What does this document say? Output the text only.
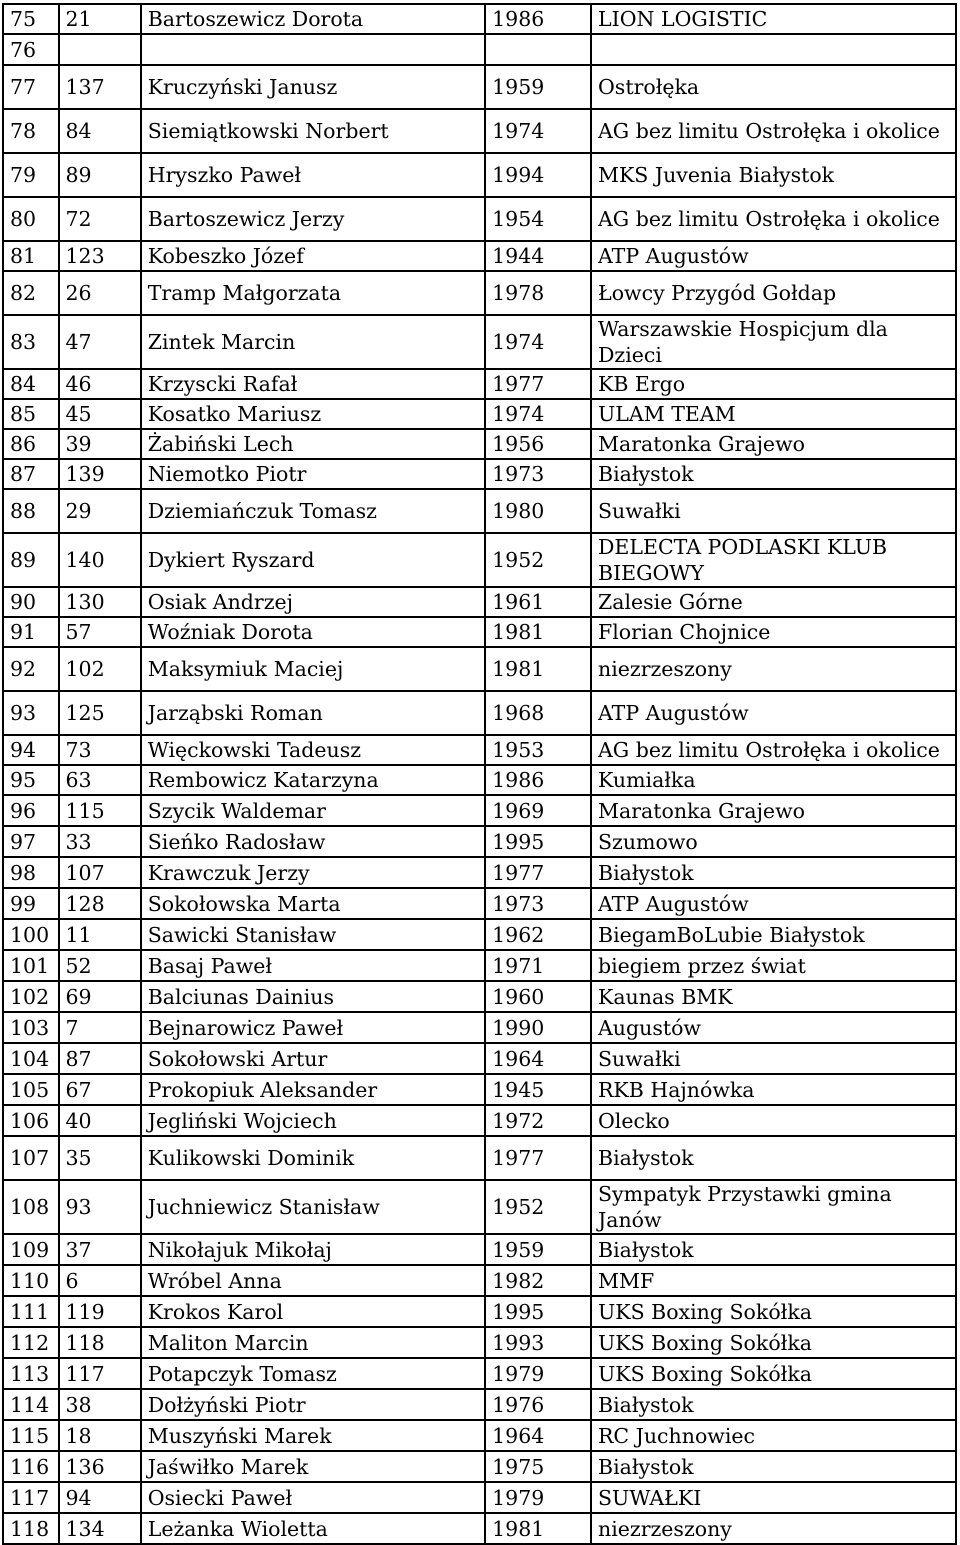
75	21	Bartoszewicz Dorota	1986	LION LOGISTIC
76				
77	137	Kruczyński Janusz	1959	Ostrołęka
78	84	Siemiątkowski Norbert	1974	AG bez limitu Ostrołęka i okolice
79	89	Hryszko Paweł	1994	MKS Juvenia Białystok
80	72	Bartoszewicz Jerzy	1954	AG bez limitu Ostrołęka i okolice
81	123	Kobeszko Józef	1944	ATP Augustów
82	26	Tramp Małgorzata	1978	Łowcy Przygód Gołdap
83	47	Zintek Marcin	1974	Warszawskie Hospicjum dla Dzieci
84	46	Krzyscki Rafał	1977	KB Ergo
85	45	Kosatko Mariusz	1974	ULAM TEAM
86	39	Żabiński Lech	1956	Maratonka Grajewo
87	139	Niemotko Piotr	1973	Białystok
88	29	Dziemiańczuk Tomasz	1980	Suwałki
89	140	Dykiert Ryszard	1952	DELECTA PODLASKI KLUB BIEGOWY
90	130	Osiak Andrzej	1961	Zalesie Górne
91	57	Woźniak Dorota	1981	Florian Chojnice
92	102	Maksymiuk Maciej	1981	niezrzeszony
93	125	Jarząbski Roman	1968	ATP Augustów
94	73	Więckowski Tadeusz	1953	AG bez limitu Ostrołęka i okolice
95	63	Rembowicz Katarzyna	1986	Kumiałka
96	115	Szycik Waldemar	1969	Maratonka Grajewo
97	33	Sieńko Radosław	1995	Szumowo
98	107	Krawczuk Jerzy	1977	Białystok
99	128	Sokołowska Marta	1973	ATP Augustów
100	11	Sawicki Stanisław	1962	BiegamBoLubie Białystok
101	52	Basaj Paweł	1971	biegiem przez świat
102	69	Balciunas Dainius	1960	Kaunas BMK
103	7	Bejnarowicz Paweł	1990	Augustów
104	87	Sokołowski Artur	1964	Suwałki
105	67	Prokopiuk Aleksander	1945	RKB Hajnówka
106	40	Jegliński Wojciech	1972	Olecko
107	35	Kulikowski Dominik	1977	Białystok
108	93	Juchniewicz Stanisław	1952	Sympatyk Przystawki gmina Janów
109	37	Nikołajuk Mikołaj	1959	Białystok
110	6	Wróbel Anna	1982	MMF
111	119	Krokos Karol	1995	UKS Boxing Sokółka
112	118	Maliton Marcin	1993	UKS Boxing Sokółka
113	117	Potapczyk Tomasz	1979	UKS Boxing Sokółka
114	38	Dołżyński Piotr	1976	Białystok
115	18	Muszyński Marek	1964	RC Juchnowiec
116	136	Jaświłko Marek	1975	Białystok
117	94	Osiecki Paweł	1979	SUWAŁKI
118	134	Leżanka Wioletta	1981	niezrzeszony
